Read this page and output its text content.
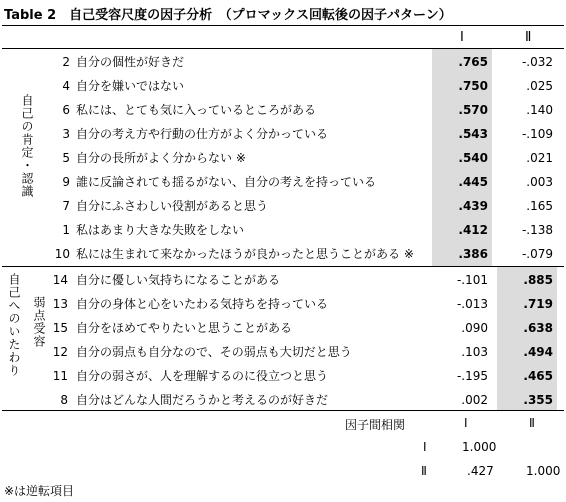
Table 2　自己受容尺度の因子分析　（プロマックス回転後の因子パターン）
Ⅰ	Ⅱ
自己の肯定・認識
自己へのいたわり 弱点受容
2 自分の個性が好きだ	.765	-.032
4 自分を嫌いではない	.750	.025
6 私には、とても気に入っているところがある	.570	.140
3 自分の考え方や行動の仕方がよく分かっている	.543	-.109
5 自分の長所がよく分からない ※	.540	.021
9 誰に反論されても揺るがない、自分の考えを持っている	.445	.003
7 自分にふさわしい役割があると思う	.439	.165
1 私はあまり大きな失敗をしない	.412	-.138
10 私には生まれて来なかったほうが良かったと思うことがある ※	.386	-.079
14 自分に優しい気持ちになることがある	-.101	.885
13 自分の身体と心をいたわる気持ちを持っている	-.013	.719
15 自分をほめてやりたいと思うことがある	.090	.638
12 自分の弱点も自分なので、その弱点も大切だと思う	.103	.494
11 自分の弱さが、人を理解するのに役立つと思う	-.195	.465
8 自分はどんな人間だろうかと考えるのが好きだ	.002	.355
因子間相関	Ⅰ	Ⅱ
Ⅰ	1.000
Ⅱ	.427	1.000
※は逆転項目
